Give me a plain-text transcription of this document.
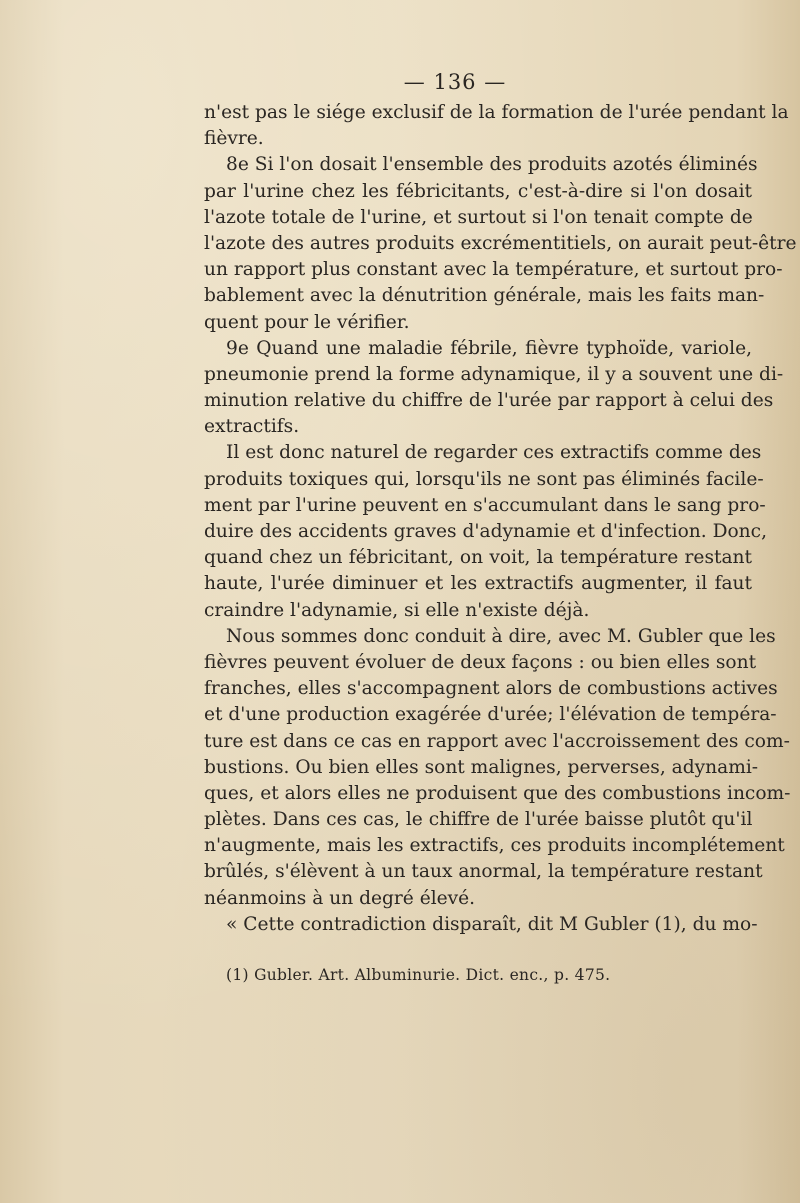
— 136 —
n'est pas le siége exclusif de la formation de l'urée pendant la
fièvre.
8e Si l'on dosait l'ensemble des produits azotés éliminés
par l'urine chez les fébricitants, c'est-à-dire si l'on dosait
l'azote totale de l'urine, et surtout si l'on tenait compte de
l'azote des autres produits excrémentitiels, on aurait peut-être
un rapport plus constant avec la température, et surtout pro-
bablement avec la dénutrition générale, mais les faits man-
quent pour le vérifier.
9e Quand une maladie fébrile, fièvre typhoïde, variole,
pneumonie prend la forme adynamique, il y a souvent une di-
minution relative du chiffre de l'urée par rapport à celui des
extractifs.
Il est donc naturel de regarder ces extractifs comme des
produits toxiques qui, lorsqu'ils ne sont pas éliminés facile-
ment par l'urine peuvent en s'accumulant dans le sang pro-
duire des accidents graves d'adynamie et d'infection. Donc,
quand chez un fébricitant, on voit, la température restant
haute, l'urée diminuer et les extractifs augmenter, il faut
craindre l'adynamie, si elle n'existe déjà.
Nous sommes donc conduit à dire, avec M. Gubler que les
fièvres peuvent évoluer de deux façons : ou bien elles sont
franches, elles s'accompagnent alors de combustions actives
et d'une production exagérée d'urée; l'élévation de tempéra-
ture est dans ce cas en rapport avec l'accroissement des com-
bustions. Ou bien elles sont malignes, perverses, adynami-
ques, et alors elles ne produisent que des combustions incom-
plètes. Dans ces cas, le chiffre de l'urée baisse plutôt qu'il
n'augmente, mais les extractifs, ces produits incomplétement
brûlés, s'élèvent à un taux anormal, la température restant
néanmoins à un degré élevé.
« Cette contradiction disparaît, dit M Gubler (1), du mo-
(1) Gubler. Art. Albuminurie. Dict. enc., p. 475.
